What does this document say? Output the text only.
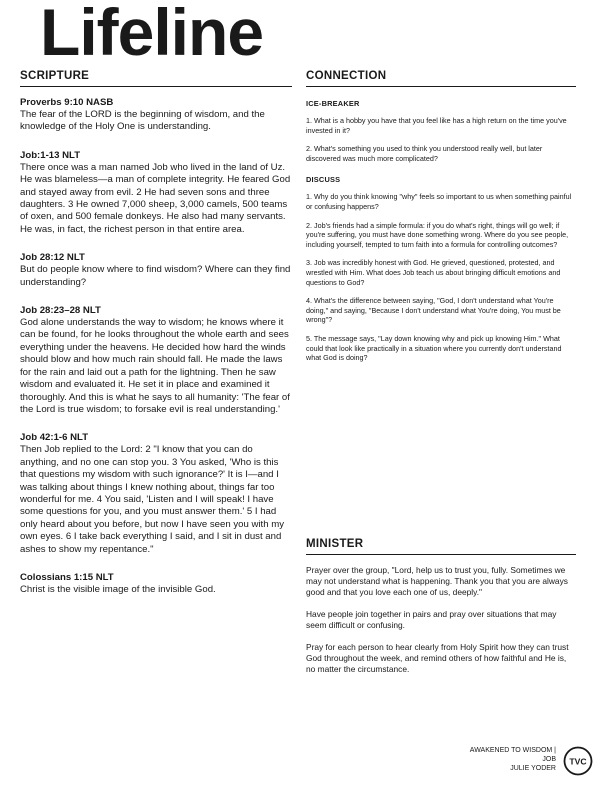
Lifeline
SCRIPTURE
Proverbs 9:10 NASB
The fear of the LORD is the beginning of wisdom, and the knowledge of the Holy One is understanding.
Job:1-13 NLT
There once was a man named Job who lived in the land of Uz. He was blameless—a man of complete integrity. He feared God and stayed away from evil. 2 He had seven sons and three daughters. 3 He owned 7,000 sheep, 3,000 camels, 500 teams of oxen, and 500 female donkeys. He also had many servants. He was, in fact, the richest person in that entire area.
Job 28:12 NLT
But do people know where to find wisdom? Where can they find understanding?
Job 28:23–28 NLT
God alone understands the way to wisdom; he knows where it can be found, for he looks throughout the whole earth and sees everything under the heavens. He decided how hard the winds should blow and how much rain should fall. He made the laws for the rain and laid out a path for the lightning. Then he saw wisdom and evaluated it. He set it in place and examined it thoroughly. And this is what he says to all humanity: 'The fear of the Lord is true wisdom; to forsake evil is real understanding.'
Job 42:1-6 NLT
Then Job replied to the Lord: 2 "I know that you can do anything, and no one can stop you. 3 You asked, 'Who is this that questions my wisdom with such ignorance?' It is I—and I was talking about things I knew nothing about, things far too wonderful for me. 4 You said, 'Listen and I will speak! I have some questions for you, and you must answer them.' 5 I had only heard about you before, but now I have seen you with my own eyes. 6 I take back everything I said, and I sit in dust and ashes to show my repentance."
Colossians 1:15 NLT
Christ is the visible image of the invisible God.
CONNECTION
ICE-BREAKER
1. What is a hobby you have that you feel like has a high return on the time you've invested in it?
2. What's something you used to think you understood really well, but later discovered was much more complicated?
DISCUSS
1. Why do you think knowing "why" feels so important to us when something painful or confusing happens?
2. Job's friends had a simple formula: if you do what's right, things will go well; if you're suffering, you must have done something wrong. Where do you see people, including yourself, tempted to turn faith into a formula for controlling outcomes?
3. Job was incredibly honest with God. He grieved, questioned, protested, and wrestled with Him. What does Job teach us about bringing difficult emotions and questions to God?
4. What's the difference between saying, "God, I don't understand what You're doing," and saying, "Because I don't understand what You're doing, You must be wrong"?
5. The message says, "Lay down knowing why and pick up knowing Him." What could that look like practically in a situation where you currently don't understand what God is doing?
MINISTER
Prayer over the group, "Lord, help us to trust you, fully. Sometimes we may not understand what is happening. Thank you that you are always good and that you love each one of us, deeply."
Have people join together in pairs and pray over situations that may seem difficult or confusing.
Pray for each person to hear clearly from Holy Spirit how they can trust God throughout the week, and remind others of how faithful and He is, no matter the circumstance.
AWAKENED TO WISDOM |
JOB
JULIE YODER
TVC
